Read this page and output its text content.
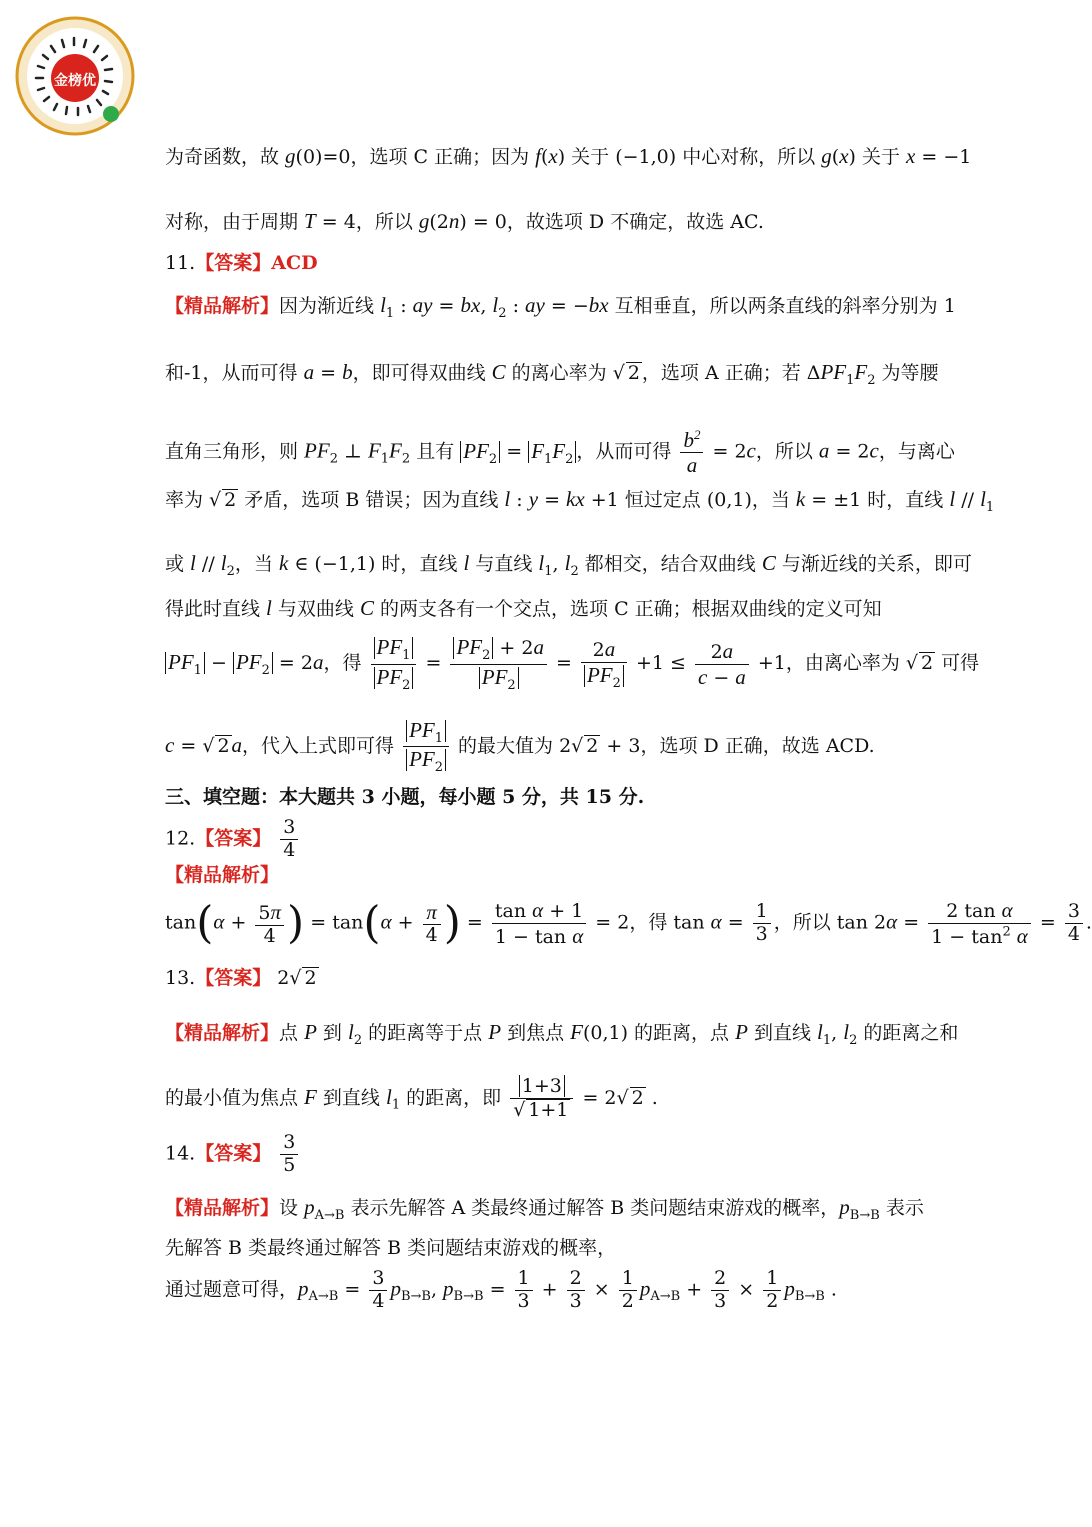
金榜优
为奇函数，故 g(0)=0，选项 C 正确；因为 f(x) 关于 (−1,0) 中心对称，所以 g(x) 关于 x = −1
对称，由于周期 T = 4，所以 g(2n) = 0，故选项 D 不确定，故选 AC.
11.【答案】ACD
【精品解析】因为渐近线 $l_1$ : ay = bx, $l_2$ : ay = −bx 互相垂直，所以两条直线的斜率分别为 1
和-1，从而可得 a = b，即可得双曲线 C 的离心率为 √ 2 ，选项 A 正确；若 $\Delta PF_1F_2$ 为等腰
直角三角形，则 $PF_2$ ⊥ $F_1F_2$ 且有 $PF_2 = F_1F_2$ ，从而可得 $\frac{b^2}{a} = 2c$，所以 a = 2c，与离心
率为 √ 2 矛盾，选项 B 错误；因为直线 l : y = kx +1 恒过定点 (0,1)，当 k = ±1 时，直线 l // $l_1$
或 l // $l_2$，当 k ∈ (−1,1) 时，直线 l 与直线 $l_1$, $l_2$ 都相交，结合双曲线 C 与渐近线的关系，即可
得此时直线 l 与双曲线 C 的两支各有一个交点，选项 C 正确；根据双曲线的定义可知
$PF_1 - PF_2 = 2a$，得 $\frac{PF_1}{PF_2} = \frac{PF_2 + 2a}{PF_2} = \frac{2a}{PF_2} +1 \le \frac{2a}{c - a} +1$，由离心率为 √ 2 可得
c = √ 2a，代入上式即可得 $\frac{PF_1}{PF_2}$ 的最大值为 2√ 2 + 3，选项 D 正确，故选 ACD.
三、填空题：本大题共 3 小题，每小题 5 分，共 15 分.
12.【答案】 $\frac{3}{4}$
【精品解析】
$\tan(\alpha + \frac{5\pi}{4}$ ) = $\tan(\alpha + \frac{\pi}{4}$ ) = $\frac{\text{tan α + 1}}{\text{1 − tan α}} = 2$，得 $\tan \alpha = \frac{1}{3}$ ，所以 $\tan 2\alpha = \frac{\text{2 tan α}}{1 - \tan^2 \alpha} = \frac{3}{4}$ .
13.【答案】 2√ 2
【精品解析】点 P 到 $l_2$ 的距离等于点 P 到焦点 F(0,1) 的距离，点 P 到直线 $l_1$, $l_2$ 的距离之和
的最小值为焦点 F 到直线 $l_1$ 的距离，即 $\frac{1+3}{√ 1+1} = 2√$ 2 .
14.【答案】 $\frac{3}{5}$
【精品解析】设 $p_{A\to B}$ 表示先解答 A 类最终通过解答 B 类问题结束游戏的概率，$p_{B\to B}$ 表示
先解答 B 类最终通过解答 B 类问题结束游戏的概率，
通过题意可得，$p_{A\to B} = \frac{3}{4} p_{B\to B}$, $p_{B\to B} = \frac{1}{3} + \frac{2}{3} \times \frac{1}{2} p_{A\to B} + \frac{2}{3} \times \frac{1}{2} p_{B\to B}$ .
